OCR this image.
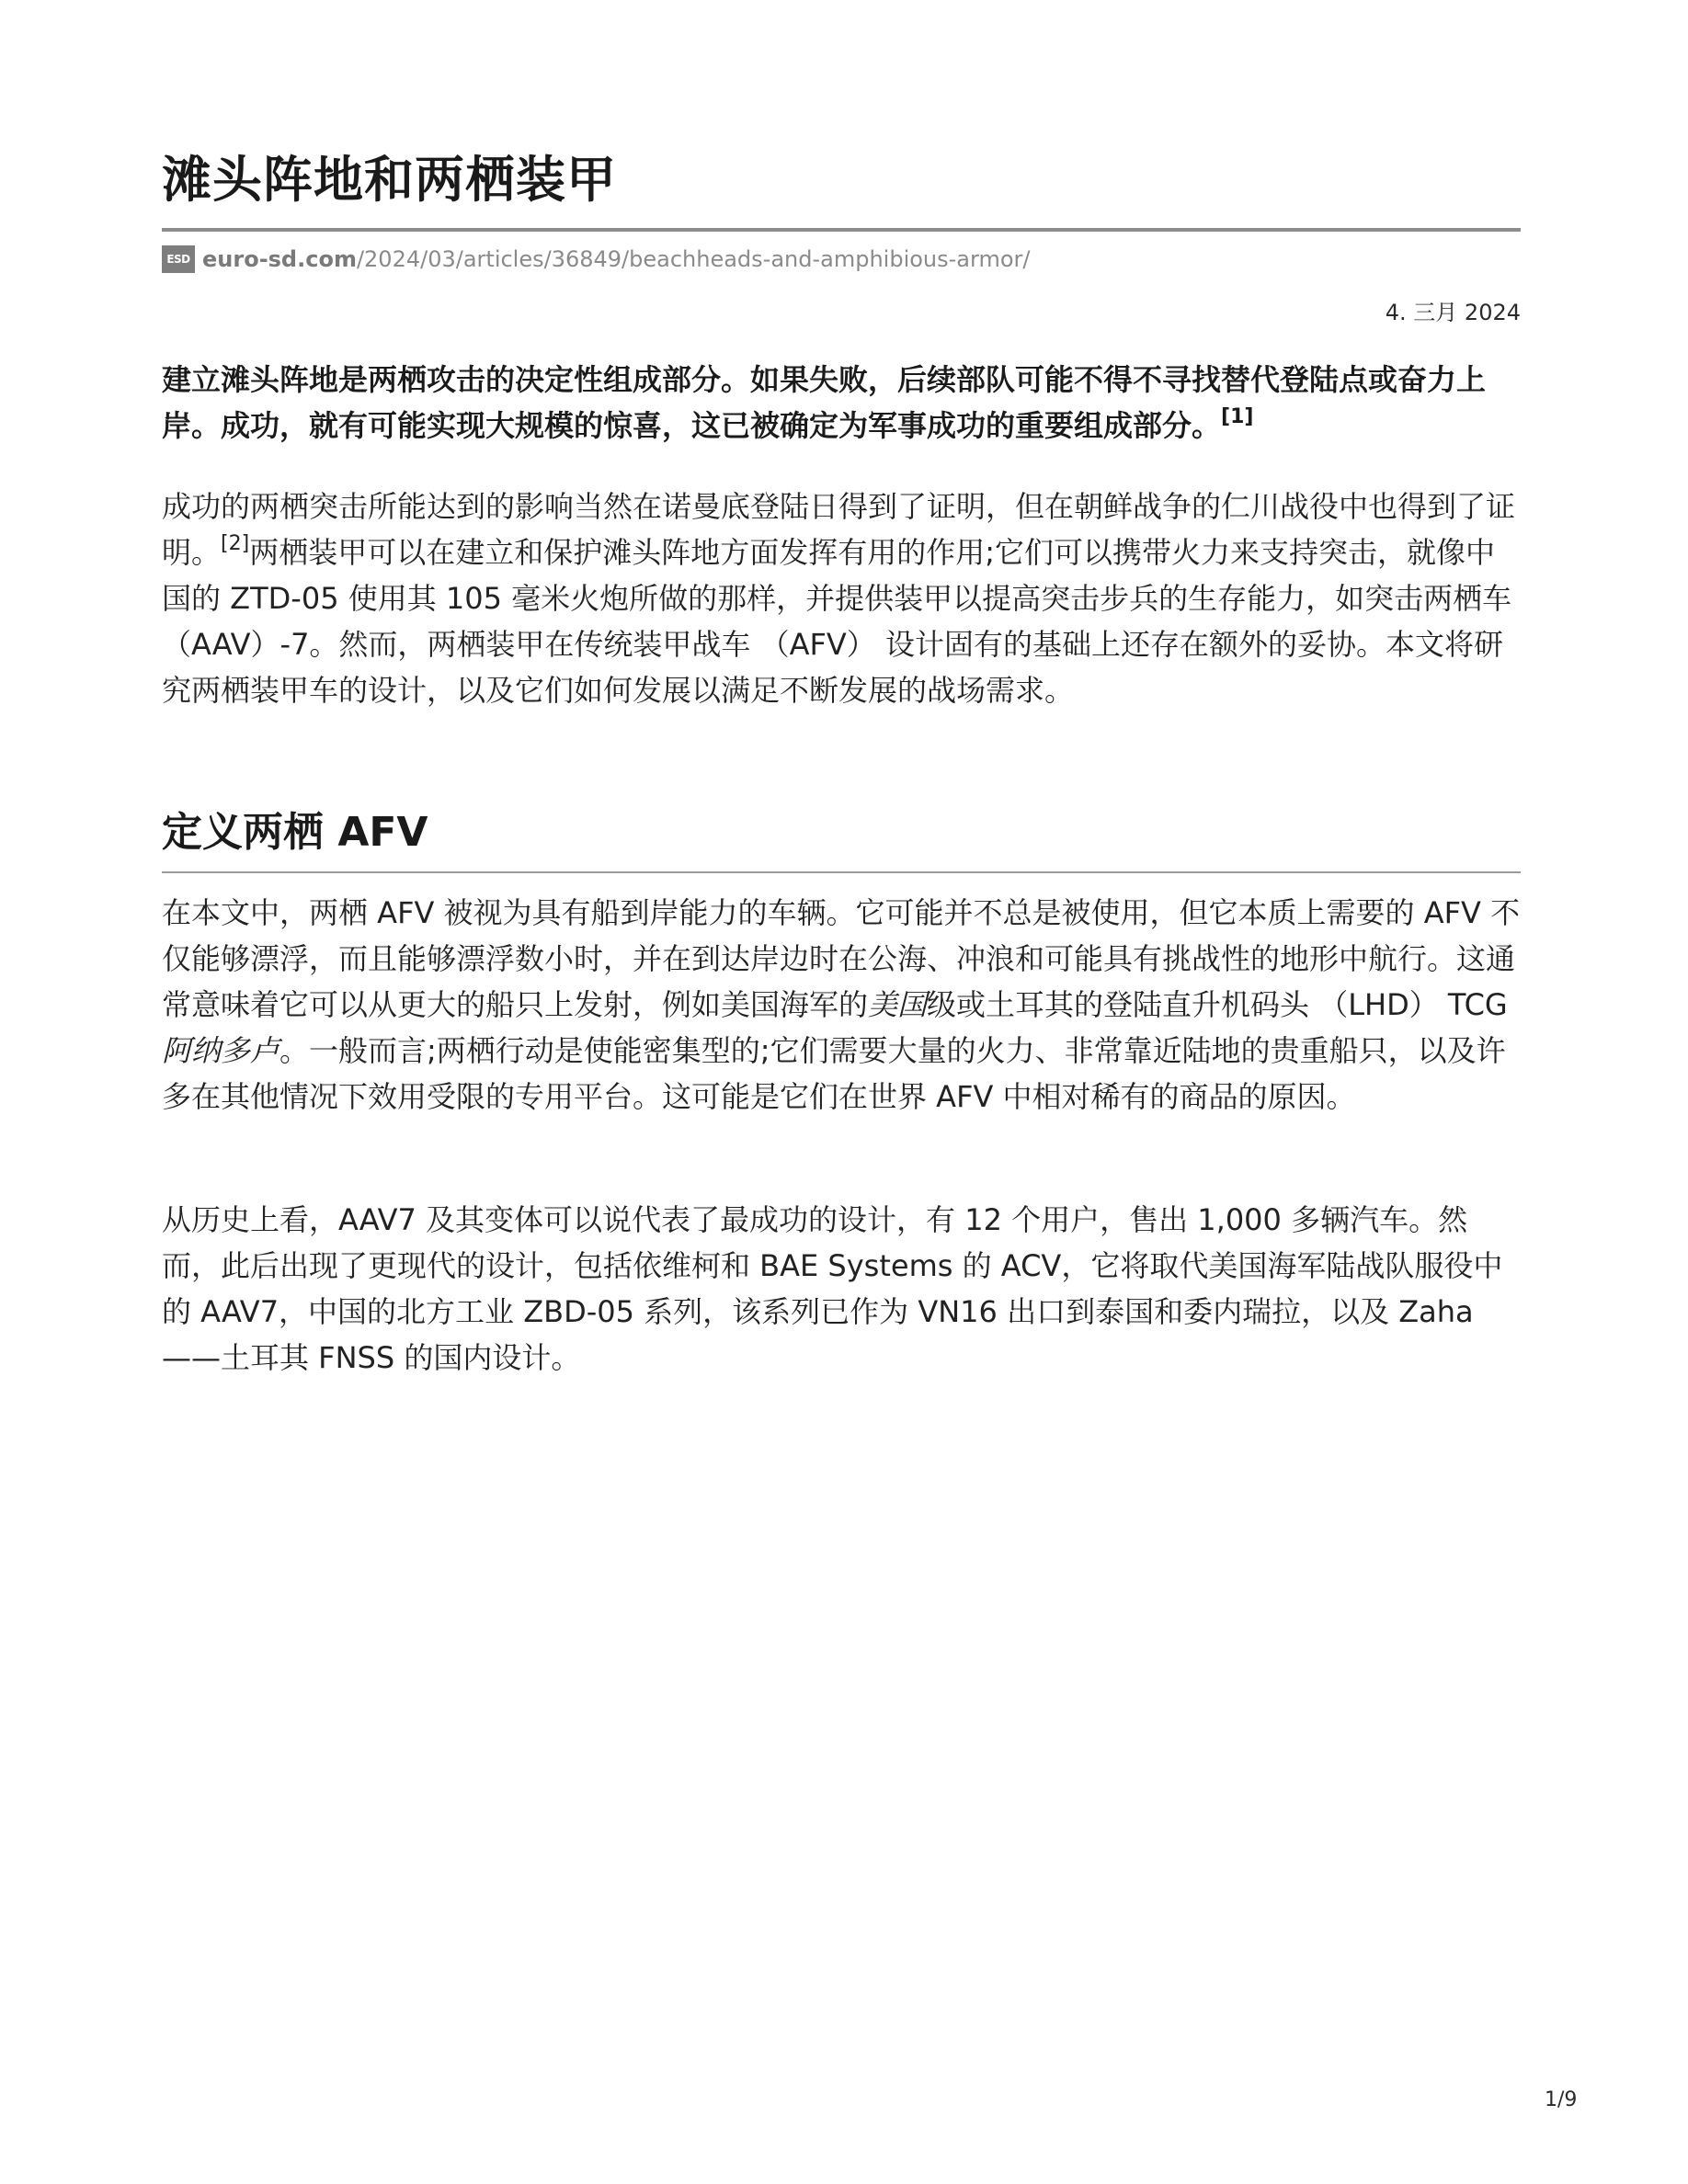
滩头阵地和两栖装甲
ESD euro-sd.com/2024/03/articles/36849/beachheads-and-amphibious-armor/
4. 三月 2024

建立滩头阵地是两栖攻击的决定性组成部分。如果失败，后续部队可能不得不寻找替代登陆点或奋力上岸。成功，就有可能实现大规模的惊喜，这已被确定为军事成功的重要组成部分。[1]

成功的两栖突击所能达到的影响当然在诺曼底登陆日得到了证明，但在朝鲜战争的仁川战役中也得到了证明。[2]两栖装甲可以在建立和保护滩头阵地方面发挥有用的作用;它们可以携带火力来支持突击，就像中国的 ZTD-05 使用其 105 毫米火炮所做的那样，并提供装甲以提高突击步兵的生存能力，如突击两栖车 （AAV）-7。然而，两栖装甲在传统装甲战车 （AFV） 设计固有的基础上还存在额外的妥协。本文将研究两栖装甲车的设计，以及它们如何发展以满足不断发展的战场需求。

定义两栖 AFV

在本文中，两栖 AFV 被视为具有船到岸能力的车辆。它可能并不总是被使用，但它本质上需要的 AFV 不仅能够漂浮，而且能够漂浮数小时，并在到达岸边时在公海、冲浪和可能具有挑战性的地形中航行。这通常意味着它可以从更大的船只上发射，例如美国海军的美国级或土耳其的登陆直升机码头 （LHD） TCG 阿纳多卢。一般而言;两栖行动是使能密集型的;它们需要大量的火力、非常靠近陆地的贵重船只，以及许多在其他情况下效用受限的专用平台。这可能是它们在世界 AFV 中相对稀有的商品的原因。

从历史上看，AAV7 及其变体可以说代表了最成功的设计，有 12 个用户，售出 1,000 多辆汽车。然而，此后出现了更现代的设计，包括依维柯和 BAE Systems 的 ACV，它将取代美国海军陆战队服役中的 AAV7，中国的北方工业 ZBD-05 系列，该系列已作为 VN16 出口到泰国和委内瑞拉，以及 Zaha——土耳其 FNSS 的国内设计。

1/9
